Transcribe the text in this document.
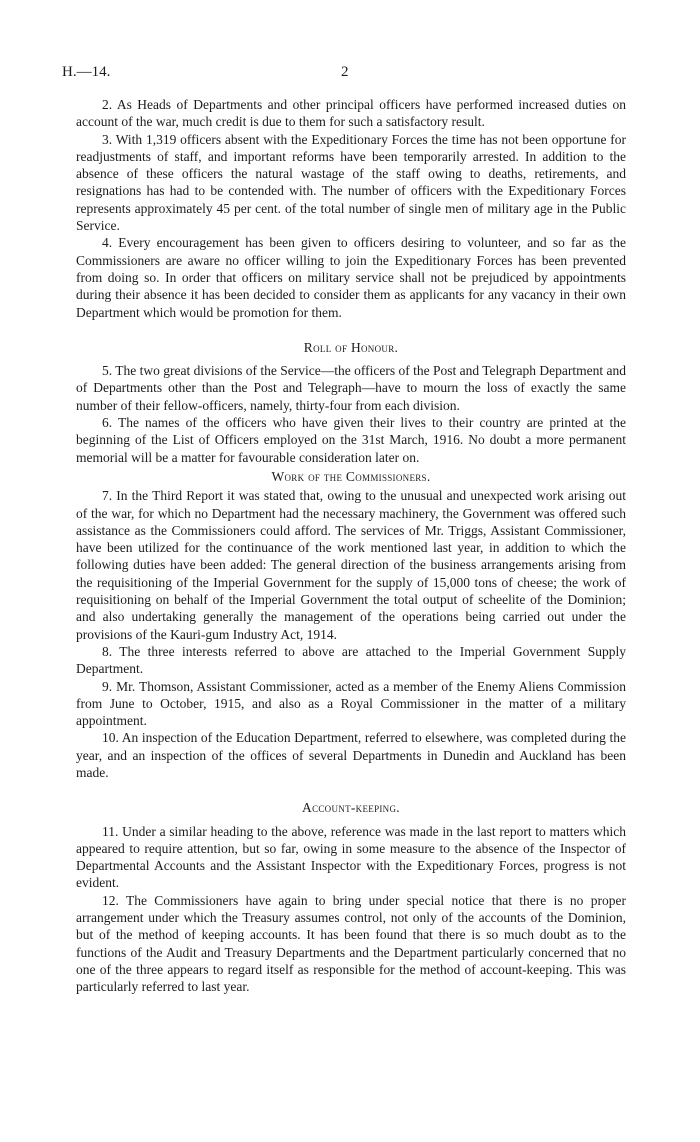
H.—14.	2

2. As Heads of Departments and other principal officers have performed increased duties on account of the war, much credit is due to them for such a satisfactory result.

3. With 1,319 officers absent with the Expeditionary Forces the time has not been opportune for readjustments of staff, and important reforms have been temporarily arrested. In addition to the absence of these officers the natural wastage of the staff owing to deaths, retirements, and resignations has had to be contended with. The number of officers with the Expeditionary Forces represents approximately 45 per cent. of the total number of single men of military age in the Public Service.

4. Every encouragement has been given to officers desiring to volunteer, and so far as the Commissioners are aware no officer willing to join the Expeditionary Forces has been prevented from doing so. In order that officers on military service shall not be prejudiced by appointments during their absence it has been decided to consider them as applicants for any vacancy in their own Department which would be promotion for them.

Roll of Honour.

5. The two great divisions of the Service—the officers of the Post and Telegraph Department and of Departments other than the Post and Telegraph—have to mourn the loss of exactly the same number of their fellow-officers, namely, thirty-four from each division.

6. The names of the officers who have given their lives to their country are printed at the beginning of the List of Officers employed on the 31st March, 1916. No doubt a more permanent memorial will be a matter for favourable consideration later on.

Work of the Commissioners.

7. In the Third Report it was stated that, owing to the unusual and unexpected work arising out of the war, for which no Department had the necessary machinery, the Government was offered such assistance as the Commissioners could afford. The services of Mr. Triggs, Assistant Commissioner, have been utilized for the continuance of the work mentioned last year, in addition to which the following duties have been added: The general direction of the business arrangements arising from the requisitioning of the Imperial Government for the supply of 15,000 tons of cheese; the work of requisitioning on behalf of the Imperial Government the total output of scheelite of the Dominion; and also undertaking generally the management of the operations being carried out under the provisions of the Kauri-gum Industry Act, 1914.

8. The three interests referred to above are attached to the Imperial Government Supply Department.

9. Mr. Thomson, Assistant Commissioner, acted as a member of the Enemy Aliens Commission from June to October, 1915, and also as a Royal Commissioner in the matter of a military appointment.

10. An inspection of the Education Department, referred to elsewhere, was completed during the year, and an inspection of the offices of several Departments in Dunedin and Auckland has been made.

Account-keeping.

11. Under a similar heading to the above, reference was made in the last report to matters which appeared to require attention, but so far, owing in some measure to the absence of the Inspector of Departmental Accounts and the Assistant Inspector with the Expeditionary Forces, progress is not evident.

12. The Commissioners have again to bring under special notice that there is no proper arrangement under which the Treasury assumes control, not only of the accounts of the Dominion, but of the method of keeping accounts. It has been found that there is so much doubt as to the functions of the Audit and Treasury Departments and the Department particularly concerned that no one of the three appears to regard itself as responsible for the method of account-keeping. This was particularly referred to last year.
